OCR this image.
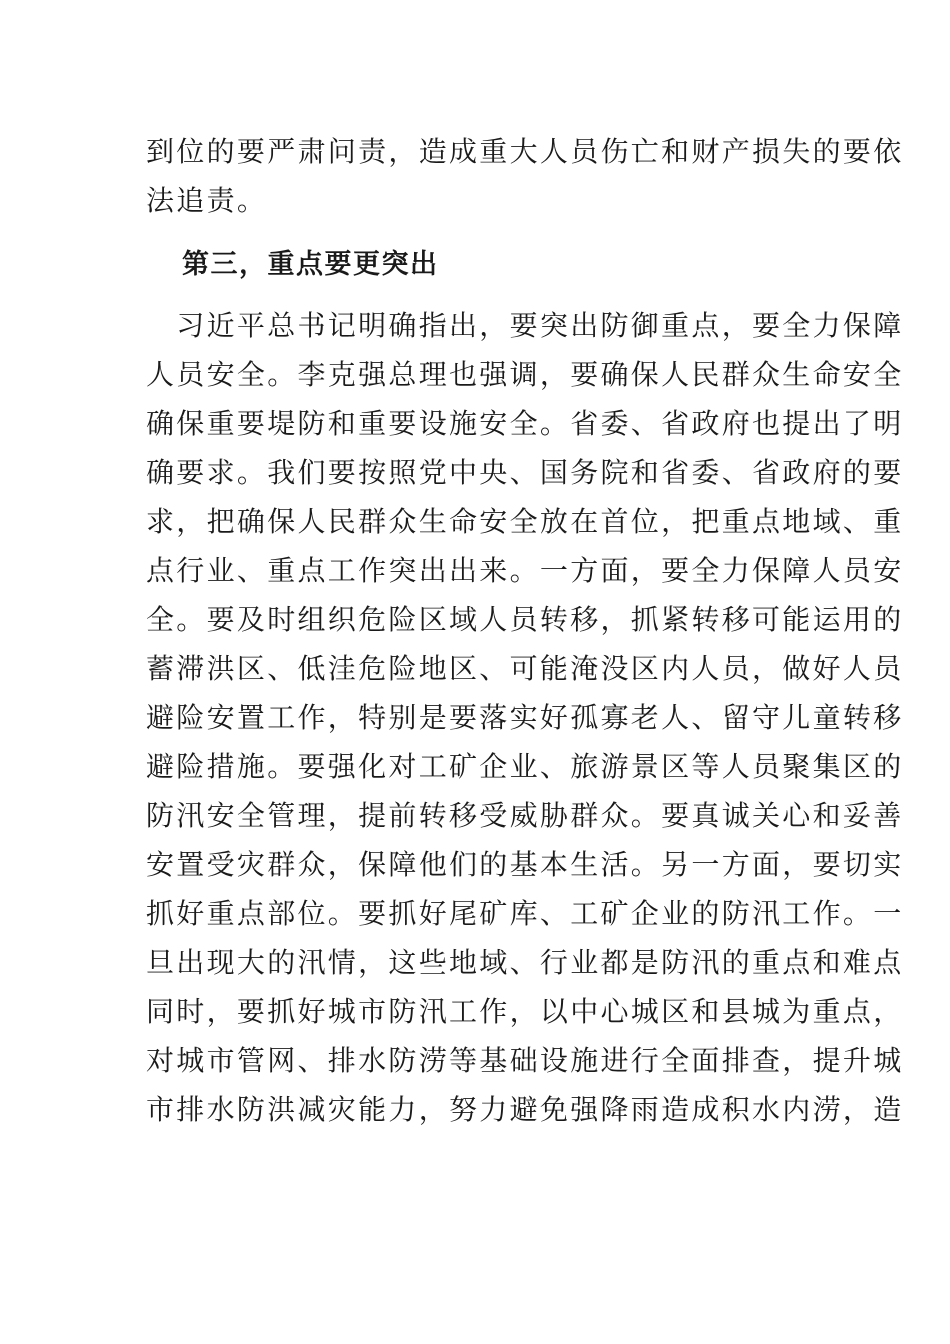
到位的要严肃问责，造成重大人员伤亡和财产损失的要依
法追责。
第三，重点要更突出
　习近平总书记明确指出，要突出防御重点，要全力保障
人员安全。李克强总理也强调，要确保人民群众生命安全
确保重要堤防和重要设施安全。省委、省政府也提出了明
确要求。我们要按照党中央、国务院和省委、省政府的要
求，把确保人民群众生命安全放在首位，把重点地域、重
点行业、重点工作突出出来。一方面，要全力保障人员安
全。要及时组织危险区域人员转移，抓紧转移可能运用的
蓄滞洪区、低洼危险地区、可能淹没区内人员，做好人员
避险安置工作，特别是要落实好孤寡老人、留守儿童转移
避险措施。要强化对工矿企业、旅游景区等人员聚集区的
防汛安全管理，提前转移受威胁群众。要真诚关心和妥善
安置受灾群众，保障他们的基本生活。另一方面，要切实
抓好重点部位。要抓好尾矿库、工矿企业的防汛工作。一
旦出现大的汛情，这些地域、行业都是防汛的重点和难点
同时，要抓好城市防汛工作，以中心城区和县城为重点，
对城市管网、排水防涝等基础设施进行全面排查，提升城
市排水防洪减灾能力，努力避免强降雨造成积水内涝，造
